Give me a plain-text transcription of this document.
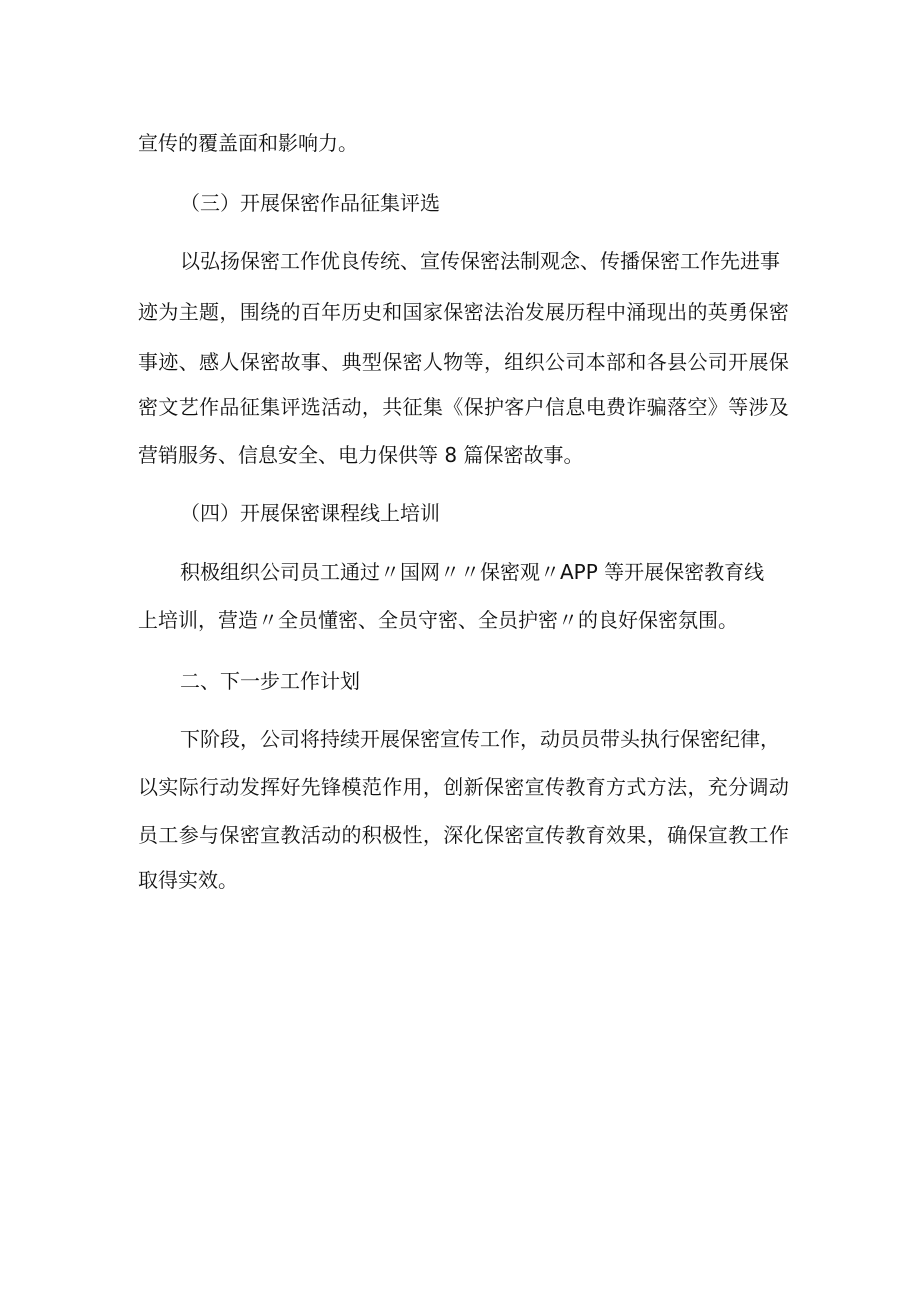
宣传的覆盖面和影响力。

（三）开展保密作品征集评选

以弘扬保密工作优良传统、宣传保密法制观念、传播保密工作先进事

迹为主题，围绕的百年历史和国家保密法治发展历程中涌现出的英勇保密

事迹、感人保密故事、典型保密人物等，组织公司本部和各县公司开展保

密文艺作品征集评选活动，共征集《保护客户信息电费诈骗落空》等涉及

营销服务、信息安全、电力保供等 8 篇保密故事。

（四）开展保密课程线上培训

积极组织公司员工通过〃国网〃〃保密观〃APP 等开展保密教育线

上培训，营造〃全员懂密、全员守密、全员护密〃的良好保密氛围。

二、下一步工作计划

下阶段，公司将持续开展保密宣传工作，动员员带头执行保密纪律，

以实际行动发挥好先锋模范作用，创新保密宣传教育方式方法，充分调动

员工参与保密宣教活动的积极性，深化保密宣传教育效果，确保宣教工作

取得实效。
